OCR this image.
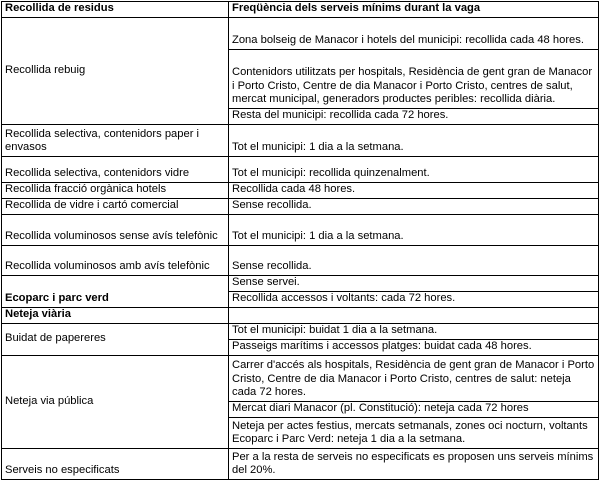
Recollida de residus	Freqüència dels serveis mínims durant la vaga
Recollida rebuig	Zona bolseig de Manacor i hotels del municipi: recollida cada 48 hores.
	Contenidors utilitzats per hospitals, Residència de gent gran de Manacor i Porto Cristo, Centre de dia Manacor i Porto Cristo, centres de salut, mercat municipal, generadors productes peribles: recollida diària.
	Resta del municipi: recollida cada 72 hores.
Recollida selectiva, contenidors paper i envasos	Tot el municipi: 1 dia a la setmana.
Recollida selectiva, contenidors vidre	Tot el municipi: recollida quinzenalment.
Recollida fracció orgànica hotels	Recollida cada 48 hores.
Recollida de vidre i cartó comercial	Sense recollida.
Recollida voluminosos sense avís telefònic	Tot el municipi: 1 dia a la setmana.
Recollida voluminosos amb avís telefònic	Sense recollida.
Ecoparc i parc verd	Sense servei.
	Recollida accessos i voltants: cada 72 hores.
Neteja viària	
Buidat de papereres	Tot el municipi: buidat 1 dia a la setmana.
	Passeigs marítims i accessos platges: buidat cada 48 hores.
Neteja via pública	Carrer d'accés als hospitals, Residència de gent gran de Manacor i Porto Cristo, Centre de dia Manacor i Porto Cristo, centres de salut: neteja cada 72 hores.
	Mercat diari Manacor (pl. Constitució): neteja cada 72 hores
	Neteja per actes festius, mercats setmanals, zones oci nocturn, voltants Ecoparc i Parc Verd: neteja 1 dia a la setmana.
Serveis no especificats	Per a la resta de serveis no especificats es proposen uns serveis mínims del 20%.
